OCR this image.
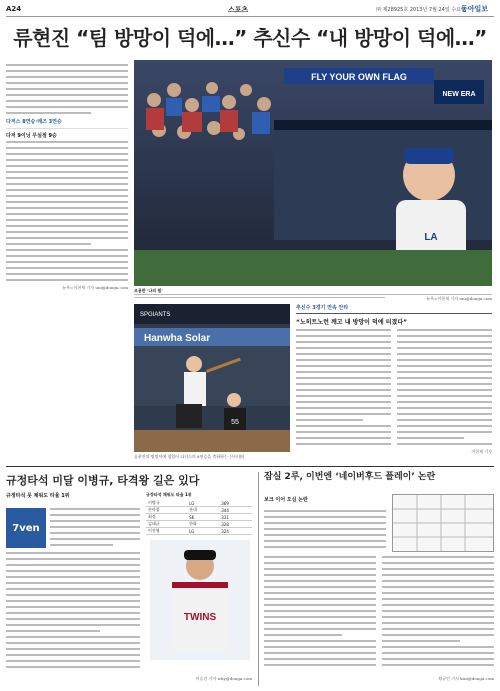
A24	스포츠	㈜ 제28925호 2013년 7월 24일 수요일
동아일보
류현진 “팀 방망이 덕에…” 추신수 “내 방망이 덕에…”
다저스 8연승·레즈 3연승
다저 9이닝 무실점 9승
뉴욕=이헌재 기자 uni@donga.com
FLY YOUR OWN FLAG
NEW ERA
LA
조용한 ‘나의 힘’
뉴욕=이헌재 기자 uni@donga.com
SPGIANTS
Hanwha Solar
55
류현진의 방망이에 힘입어 다저스의 8연승을 축하하는 신시내티
추신수 3경기 연속 안타
“노히트노런 깨고 내 방망이 덕에 터졌다”
이헌재 기자
규정타석 미달 이병규, 타격왕 길은 있다
규정타석 못 채워도 타율 1위
7ven
규정타석 채워도 타율 1위
이병규	LG	.369
손아섭	롯데	.344
최정	SK	.331
김태균	한화	.328
이진영	LG	.324
TWINS
이승건 기자 why@donga.com
잠실 2루, 이번엔 ‘네이버후드 플레이’ 논란
보크 이어 오심 논란
황규인 기자 kini@donga.com
